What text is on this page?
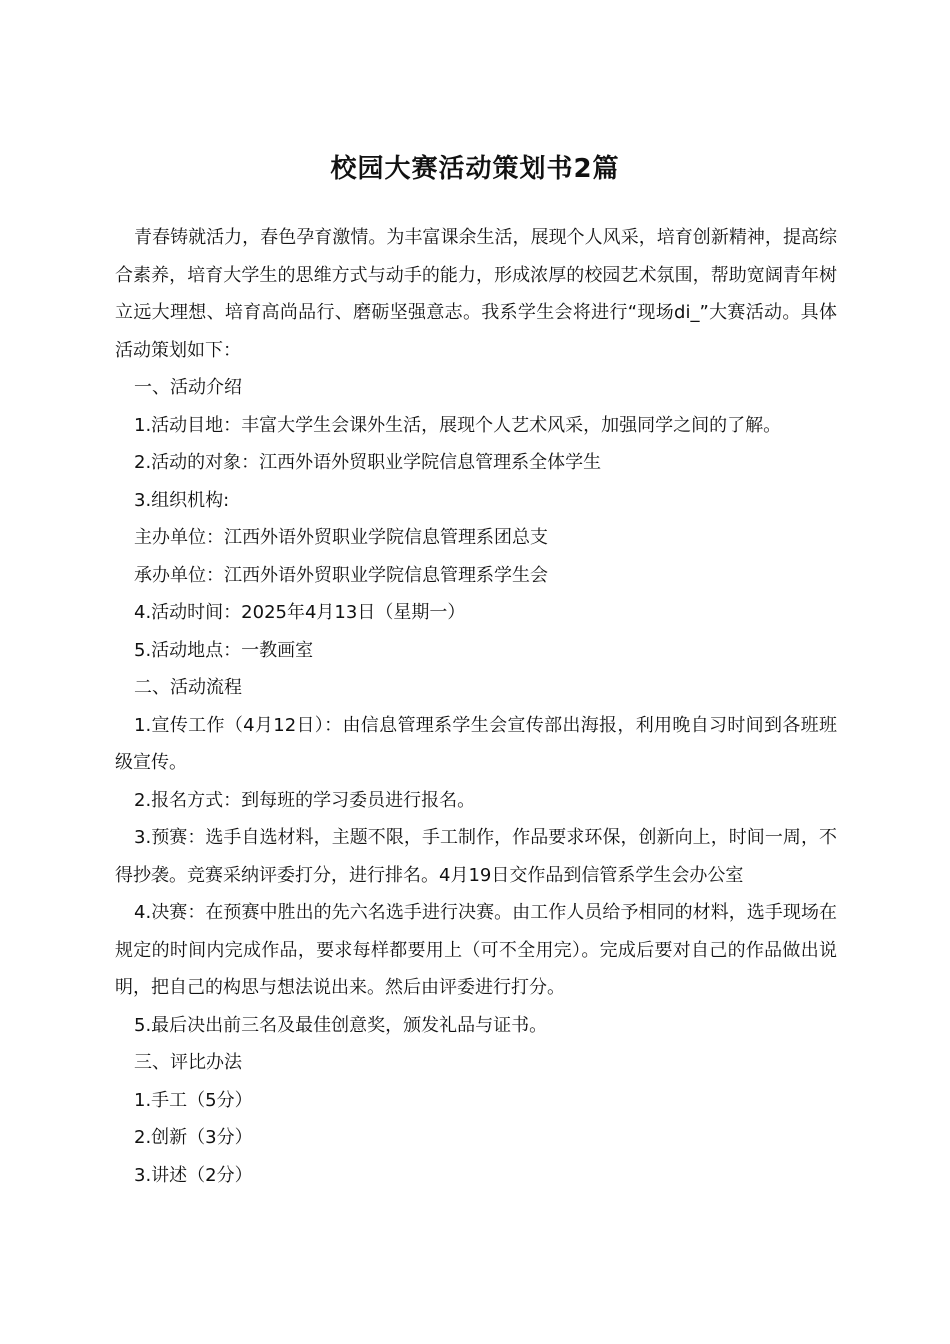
校园大赛活动策划书2篇

青春铸就活力，春色孕育激情。为丰富课余生活，展现个人风采，培育创新精神，提高综合素养，培育大学生的思维方式与动手的能力，形成浓厚的校园艺术氛围，帮助宽阔青年树立远大理想、培育高尚品行、磨砺坚强意志。我系学生会将进行“现场di_”大赛活动。具体活动策划如下：

一、活动介绍

1.活动目地：丰富大学生会课外生活，展现个人艺术风采，加强同学之间的了解。

2.活动的对象：江西外语外贸职业学院信息管理系全体学生

3.组织机构:

主办单位：江西外语外贸职业学院信息管理系团总支

承办单位：江西外语外贸职业学院信息管理系学生会

4.活动时间：2025年4月13日（星期一）

5.活动地点：一教画室

二、活动流程

1.宣传工作（4月12日）：由信息管理系学生会宣传部出海报，利用晚自习时间到各班班级宣传。

2.报名方式：到每班的学习委员进行报名。

3.预赛：选手自选材料，主题不限，手工制作，作品要求环保，创新向上，时间一周，不得抄袭。竞赛采纳评委打分，进行排名。4月19日交作品到信管系学生会办公室

4.决赛：在预赛中胜出的先六名选手进行决赛。由工作人员给予相同的材料，选手现场在规定的时间内完成作品，要求每样都要用上（可不全用完）。完成后要对自己的作品做出说明，把自己的构思与想法说出来。然后由评委进行打分。

5.最后决出前三名及最佳创意奖，颁发礼品与证书。

三、评比办法

1.手工（5分）

2.创新（3分）

3.讲述（2分）
